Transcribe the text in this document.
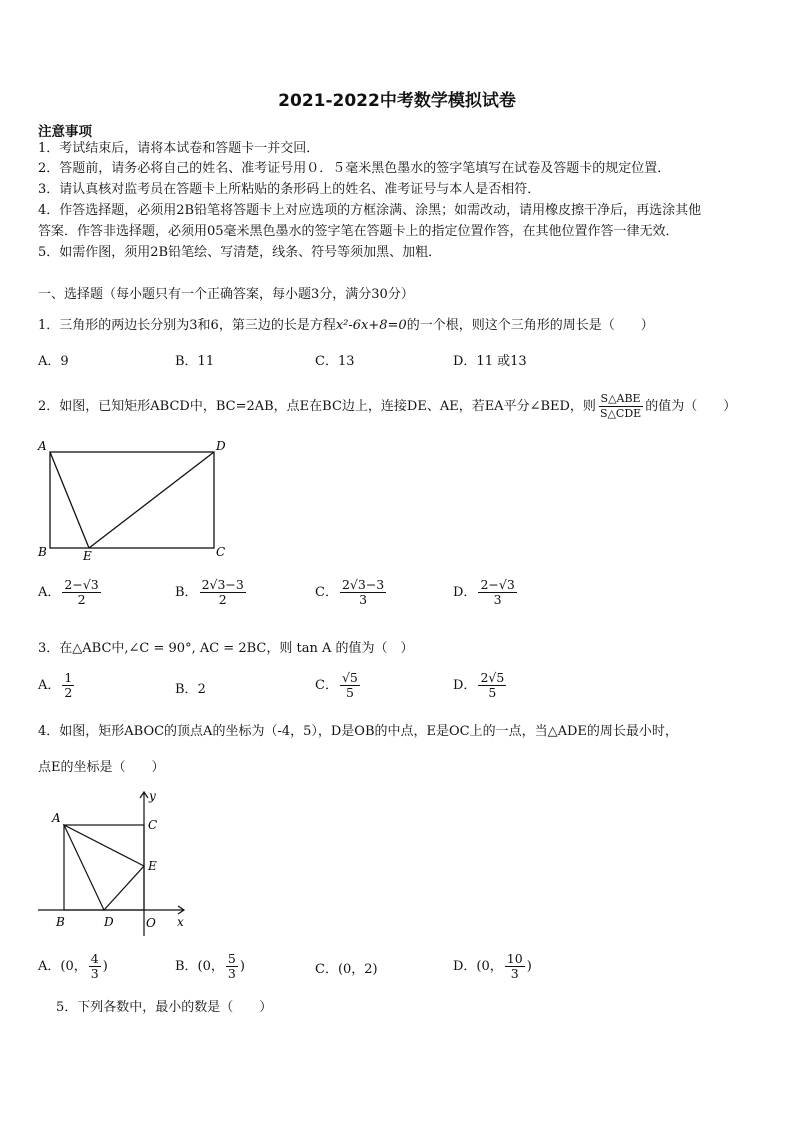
2021-2022中考数学模拟试卷
注意事项
1．考试结束后，请将本试卷和答题卡一并交回．
2．答题前，请务必将自己的姓名、准考证号用０．５毫米黑色墨水的签字笔填写在试卷及答题卡的规定位置．
3．请认真核对监考员在答题卡上所粘贴的条形码上的姓名、准考证号与本人是否相符．
4．作答选择题，必须用2B铅笔将答题卡上对应选项的方框涂满、涂黑；如需改动，请用橡皮擦干净后，再选涂其他
答案．作答非选择题，必须用05毫米黑色墨水的签字笔在答题卡上的指定位置作答，在其他位置作答一律无效．
5．如需作图，须用2B铅笔绘、写清楚，线条、符号等须加黑、加粗．
一、选择题（每小题只有一个正确答案，每小题3分，满分30分）
1．三角形的两边长分别为3和6，第三边的长是方程x²-6x+8=0的一个根，则这个三角形的周长是（　　）
A．9	B．11	C．13	D．11 或13
2．如图，已知矩形ABCD中，BC=2AB，点E在BC边上，连接DE、AE，若EA平分∠BED，则 $\frac{\text{S△ABE}}{\text{S△CDE}}$ 的值为（　　）
A	D
B	C
E
A． $\frac{2-√3}{2}$	B． $\frac{2√3-3}{2}$	C． $\frac{2√3-3}{3}$	D． $\frac{2-√3}{3}$
3．在△ABC中,∠C = 90°, AC = 2BC，则 tan A 的值为（　）
A． $\frac{1}{2}$	B．2	C． $\frac{√5}{5}$	D． $\frac{2√5}{5}$
4．如图，矩形ABOC的顶点A的坐标为（-4，5），D是OB的中点，E是OC上的一点，当△ADE的周长最小时，
点E的坐标是（　　）
A	C
E
B	D	O x
y
A．(0， $\frac{4}{3}$ )	B．(0， $\frac{5}{3}$ )	C．(0，2)	D．(0， $\frac{10}{3}$ )
5．下列各数中，最小的数是（　　）
